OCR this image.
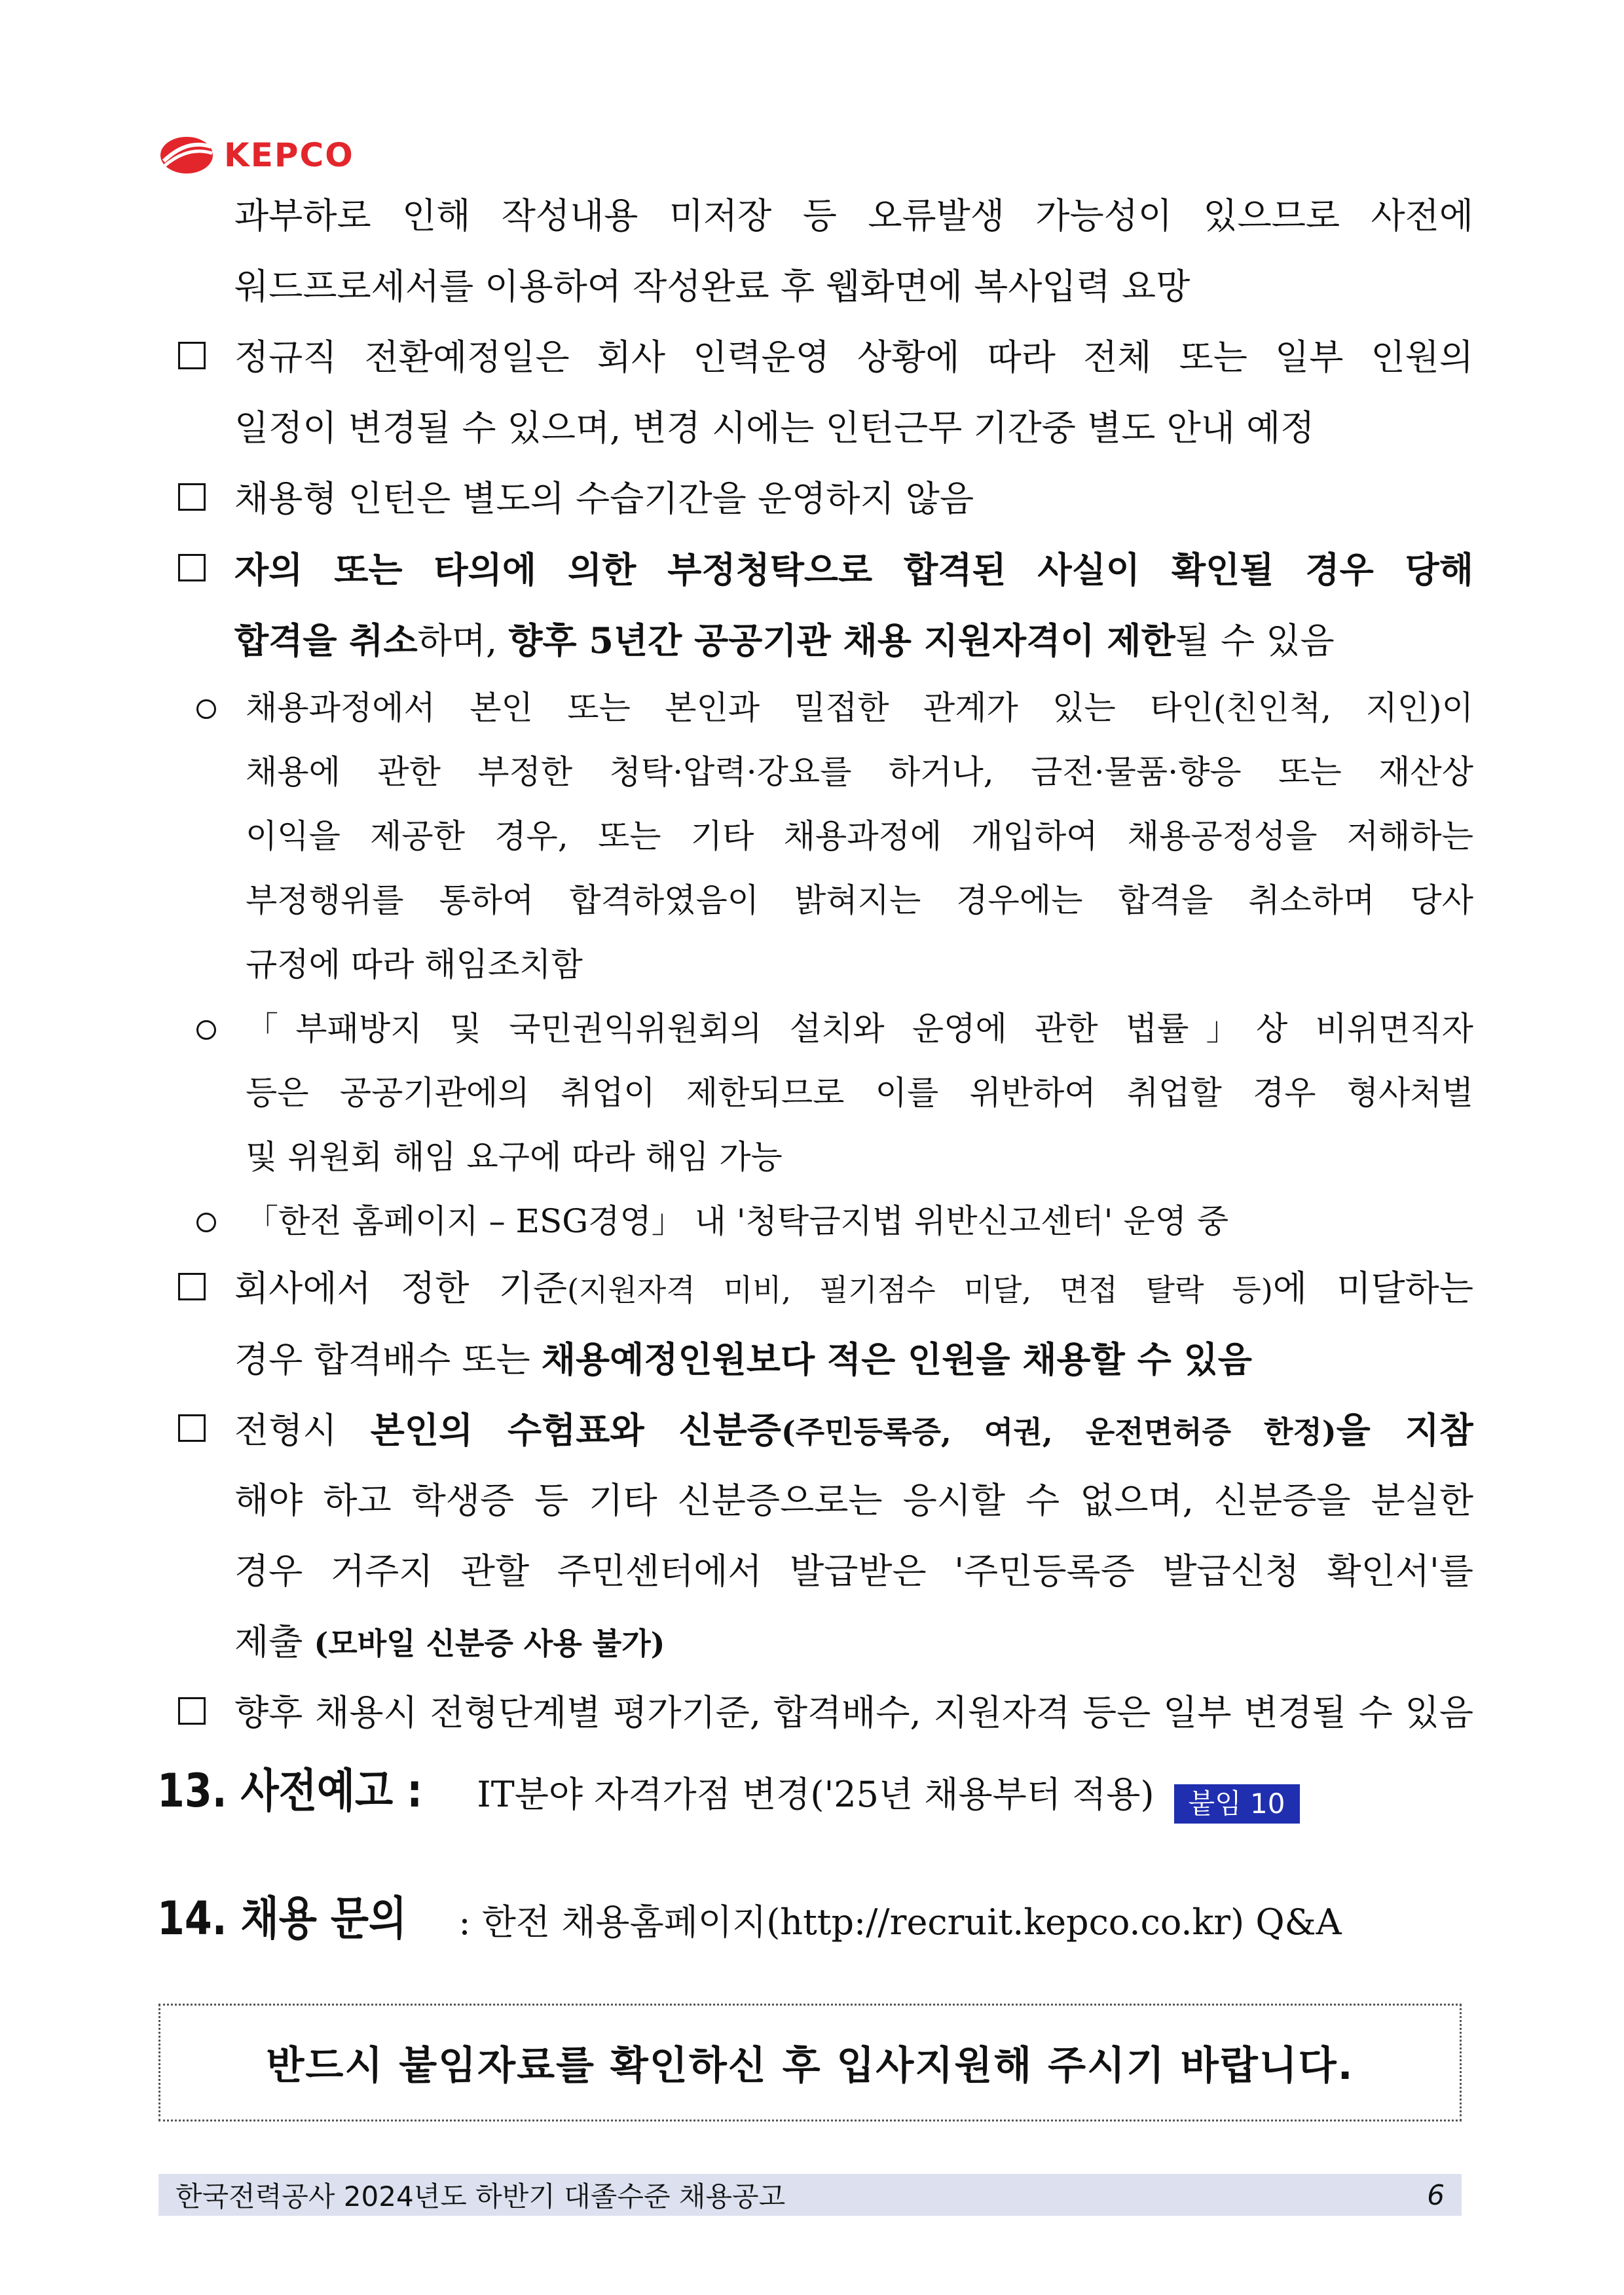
KEPCO
과부하로 인해 작성내용 미저장 등 오류발생 가능성이 있으므로 사전에
워드프로세서를 이용하여 작성완료 후 웹화면에 복사입력 요망
정규직 전환예정일은 회사 인력운영 상황에 따라 전체 또는 일부 인원의
일정이 변경될 수 있으며, 변경 시에는 인턴근무 기간중 별도 안내 예정
채용형 인턴은 별도의 수습기간을 운영하지 않음
자의 또는 타의에 의한 부정청탁으로 합격된 사실이 확인될 경우 당해
합격을 취소하며, 향후 5년간 공공기관 채용 지원자격이 제한될 수 있음
채용과정에서 본인 또는 본인과 밀접한 관계가 있는 타인(친인척, 지인)이
채용에 관한 부정한 청탁·압력·강요를 하거나, 금전·물품·향응 또는 재산상
이익을 제공한 경우, 또는 기타 채용과정에 개입하여 채용공정성을 저해하는
부정행위를 통하여 합격하였음이 밝혀지는 경우에는 합격을 취소하며 당사
규정에 따라 해임조치함
「부패방지 및 국민권익위원회의 설치와 운영에 관한 법률」상 비위면직자
등은 공공기관에의 취업이 제한되므로 이를 위반하여 취업할 경우 형사처벌
및 위원회 해임 요구에 따라 해임 가능
「한전 홈페이지 – ESG경영」 내 '청탁금지법 위반신고센터' 운영 중
회사에서 정한 기준(지원자격 미비, 필기점수 미달, 면접 탈락 등)에 미달하는
경우 합격배수 또는 채용예정인원보다 적은 인원을 채용할 수 있음
전형시 본인의 수험표와 신분증(주민등록증, 여권, 운전면허증 한정)을 지참
해야 하고 학생증 등 기타 신분증으로는 응시할 수 없으며, 신분증을 분실한
경우 거주지 관할 주민센터에서 발급받은 '주민등록증 발급신청 확인서'를
제출 (모바일 신분증 사용 불가)
향후 채용시 전형단계별 평가기준, 합격배수, 지원자격 등은 일부 변경될 수 있음
13. 사전예고 : IT분야 자격가점 변경('25년 채용부터 적용) 붙임 10
14. 채용 문의 : 한전 채용홈페이지(http://recruit.kepco.co.kr) Q&A
반드시 붙임자료를 확인하신 후 입사지원해 주시기 바랍니다.
한국전력공사 2024년도 하반기 대졸수준 채용공고	6
